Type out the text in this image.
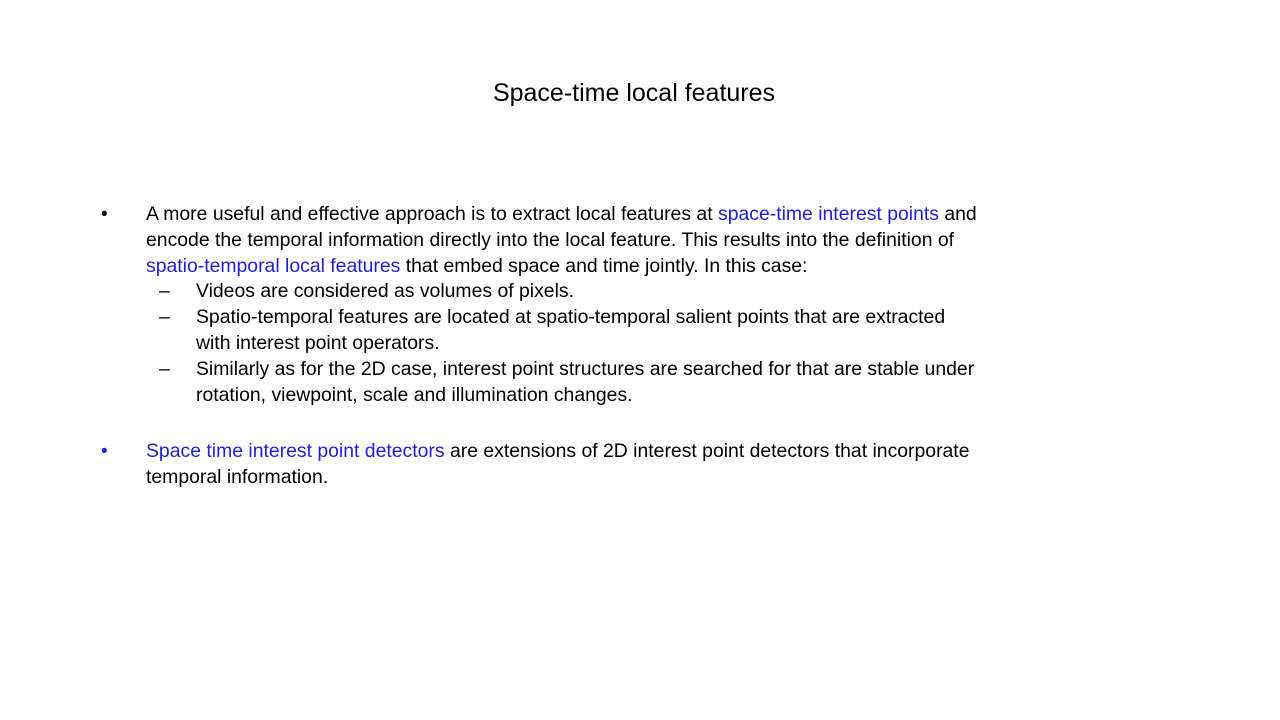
Space-time local features
• A more useful and effective approach is to extract local features at space-time interest points and
encode the temporal information directly into the local feature. This results into the definition of
spatio-temporal local features that embed space and time jointly. In this case:
– Videos are considered as volumes of pixels.
– Spatio-temporal features are located at spatio-temporal salient points that are extracted
with interest point operators.
– Similarly as for the 2D case, interest point structures are searched for that are stable under
rotation, viewpoint, scale and illumination changes.
• Space time interest point detectors are extensions of 2D interest point detectors that incorporate
temporal information.
